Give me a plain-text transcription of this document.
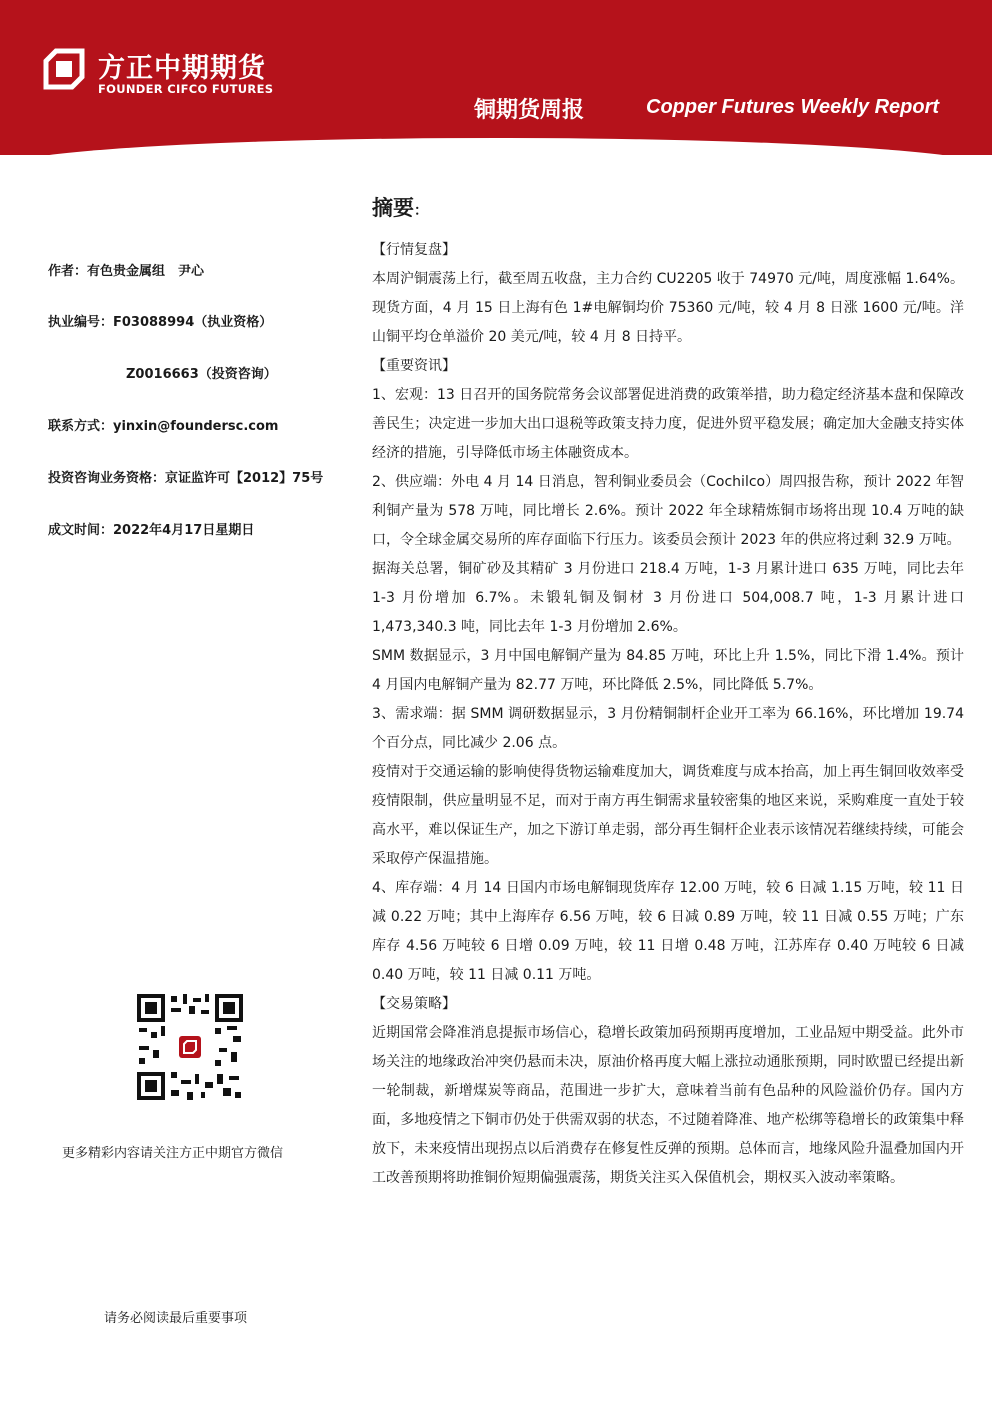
方正中期期货
FOUNDER CIFCO FUTURES
铜期货周报	Copper Futures Weekly Report
作者：有色贵金属组　尹心
执业编号：F03088994（执业资格）
Z0016663（投资咨询）
联系方式：yinxin@foundersc.com
投资咨询业务资格：京证监许可【2012】75号
成文时间：2022年4月17日星期日
更多精彩内容请关注方正中期官方微信
请务必阅读最后重要事项
摘要：

【行情复盘】

本周沪铜震荡上行，截至周五收盘，主力合约 CU2205 收于 74970 元/吨，周度涨幅 1.64%。现货方面，4 月 15 日上海有色 1#电解铜均价 75360 元/吨，较 4 月 8 日涨 1600 元/吨。洋山铜平均仓单溢价 20 美元/吨，较 4 月 8 日持平。

【重要资讯】

1、宏观：13 日召开的国务院常务会议部署促进消费的政策举措，助力稳定经济基本盘和保障改善民生；决定进一步加大出口退税等政策支持力度，促进外贸平稳发展；确定加大金融支持实体经济的措施，引导降低市场主体融资成本。

2、供应端：外电 4 月 14 日消息，智利铜业委员会（Cochilco）周四报告称，预计 2022 年智利铜产量为 578 万吨，同比增长 2.6%。预计 2022 年全球精炼铜市场将出现 10.4 万吨的缺口，令全球金属交易所的库存面临下行压力。该委员会预计 2023 年的供应将过剩 32.9 万吨。

据海关总署，铜矿砂及其精矿 3 月份进口 218.4 万吨，1-3 月累计进口 635 万吨，同比去年 1-3 月份增加 6.7%。未锻轧铜及铜材 3 月份进口 504,008.7 吨，1-3 月累计进口 1,473,340.3 吨，同比去年 1-3 月份增加 2.6%。

SMM 数据显示，3 月中国电解铜产量为 84.85 万吨，环比上升 1.5%，同比下滑 1.4%。预计 4 月国内电解铜产量为 82.77 万吨，环比降低 2.5%，同比降低 5.7%。

3、需求端：据 SMM 调研数据显示，3 月份精铜制杆企业开工率为 66.16%，环比增加 19.74 个百分点，同比减少 2.06 点。

疫情对于交通运输的影响使得货物运输难度加大，调货难度与成本抬高，加上再生铜回收效率受疫情限制，供应量明显不足，而对于南方再生铜需求量较密集的地区来说，采购难度一直处于较高水平，难以保证生产，加之下游订单走弱，部分再生铜杆企业表示该情况若继续持续，可能会采取停产保温措施。

4、库存端：4 月 14 日国内市场电解铜现货库存 12.00 万吨，较 6 日减 1.15 万吨，较 11 日减 0.22 万吨；其中上海库存 6.56 万吨，较 6 日减 0.89 万吨，较 11 日减 0.55 万吨；广东库存 4.56 万吨较 6 日增 0.09 万吨，较 11 日增 0.48 万吨，江苏库存 0.40 万吨较 6 日减 0.40 万吨，较 11 日减 0.11 万吨。

【交易策略】

近期国常会降准消息提振市场信心，稳增长政策加码预期再度增加，工业品短中期受益。此外市场关注的地缘政治冲突仍悬而未决，原油价格再度大幅上涨拉动通胀预期，同时欧盟已经提出新一轮制裁，新增煤炭等商品，范围进一步扩大，意味着当前有色品种的风险溢价仍存。国内方面，多地疫情之下铜市仍处于供需双弱的状态，不过随着降准、地产松绑等稳增长的政策集中释放下，未来疫情出现拐点以后消费存在修复性反弹的预期。总体而言，地缘风险升温叠加国内开工改善预期将助推铜价短期偏强震荡，期货关注买入保值机会，期权买入波动率策略。
